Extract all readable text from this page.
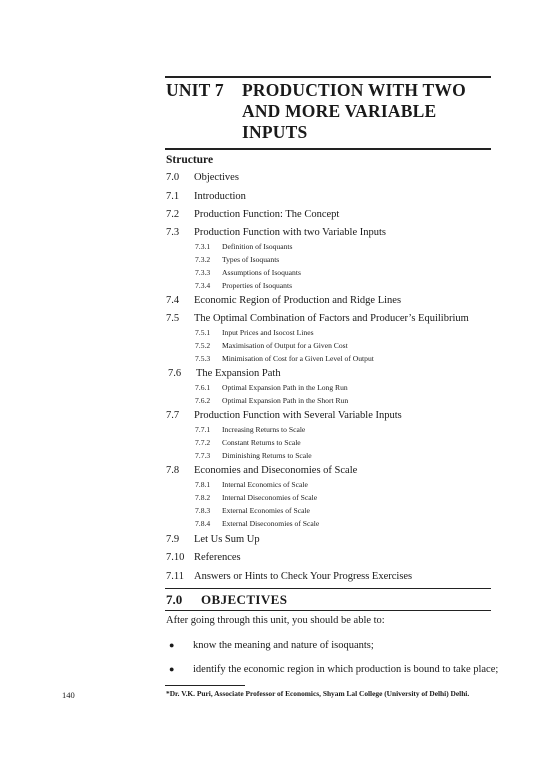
UNIT 7 PRODUCTION WITH TWO
AND MORE VARIABLE
INPUTS
Structure
7.0 Objectives
7.1 Introduction
7.2 Production Function: The Concept
7.3 Production Function with two Variable Inputs
7.3.1 Definition of Isoquants
7.3.2 Types of Isoquants
7.3.3 Assumptions of Isoquants
7.3.4 Properties of Isoquants
7.4 Economic Region of Production and Ridge Lines
7.5 The Optimal Combination of Factors and Producer’s Equilibrium
7.5.1 Input Prices and Isocost Lines
7.5.2 Maximisation of Output for a Given Cost
7.5.3 Minimisation of Cost for a Given Level of Output
7.6 The Expansion Path
7.6.1 Optimal Expansion Path in the Long Run
7.6.2 Optimal Expansion Path in the Short Run
7.7 Production Function with Several Variable Inputs
7.7.1 Increasing Returns to Scale
7.7.2 Constant Returns to Scale
7.7.3 Diminishing Returns to Scale
7.8 Economies and Diseconomies of Scale
7.8.1 Internal Economics of Scale
7.8.2 Internal Diseconomies of Scale
7.8.3 External Economies of Scale
7.8.4 External Diseconomies of Scale
7.9 Let Us Sum Up
7.10 References
7.11 Answers or Hints to Check Your Progress Exercises
7.0 OBJECTIVES
After going through this unit, you should be able to:
● know the meaning and nature of isoquants;
● identify the economic region in which production is bound to take place;
*Dr. V.K. Puri, Associate Professor of Economics, Shyam Lal College (University of Delhi) Delhi.
140
